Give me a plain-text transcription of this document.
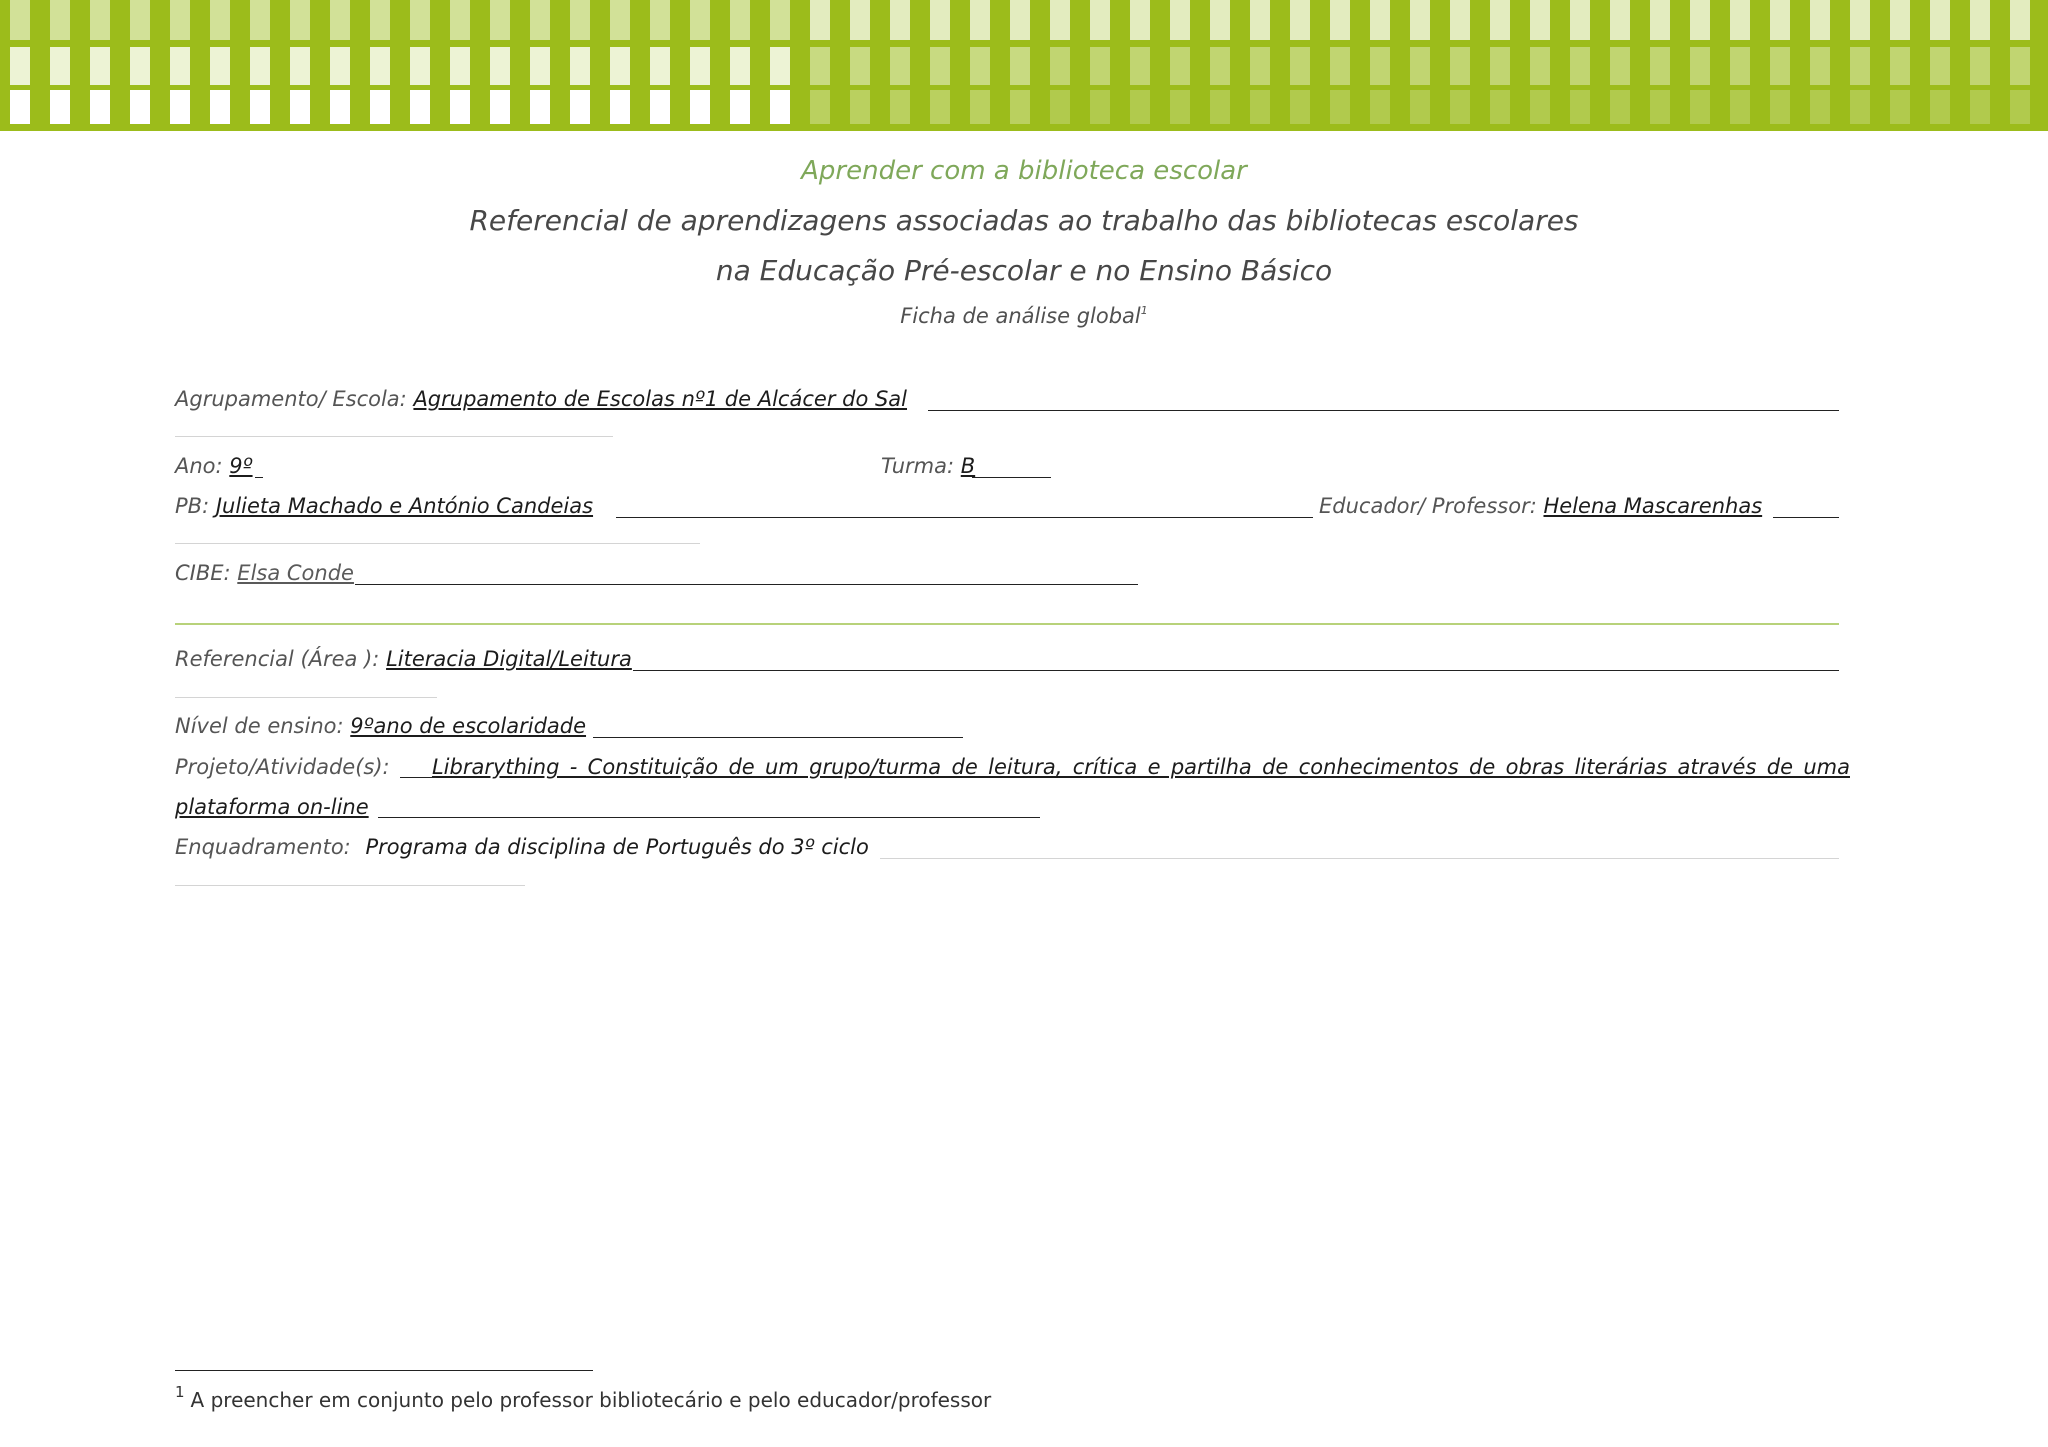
Aprender com a biblioteca escolar
Referencial de aprendizagens associadas ao trabalho das bibliotecas escolares
na Educação Pré-escolar e no Ensino Básico
Ficha de análise global$^1$
Agrupamento/ Escola: Agrupamento de Escolas nº1 de Alcácer do Sal
Ano: 9º	Turma: B
PB: Julieta Machado e António Candeias	Educador/ Professor: Helena Mascarenhas
CIBE: Elsa Conde
Referencial (Área ): Literacia Digital/Leitura
Nível de ensino: 9ºano de escolaridade
Projeto/Atividade(s): Librarything - Constituição de um grupo/turma de leitura, crítica e partilha de conhecimentos de obras literárias através de uma plataforma on-line
Enquadramento: Programa da disciplina de Português do 3º ciclo
$^1$ A preencher em conjunto pelo professor bibliotecário e pelo educador/professor
